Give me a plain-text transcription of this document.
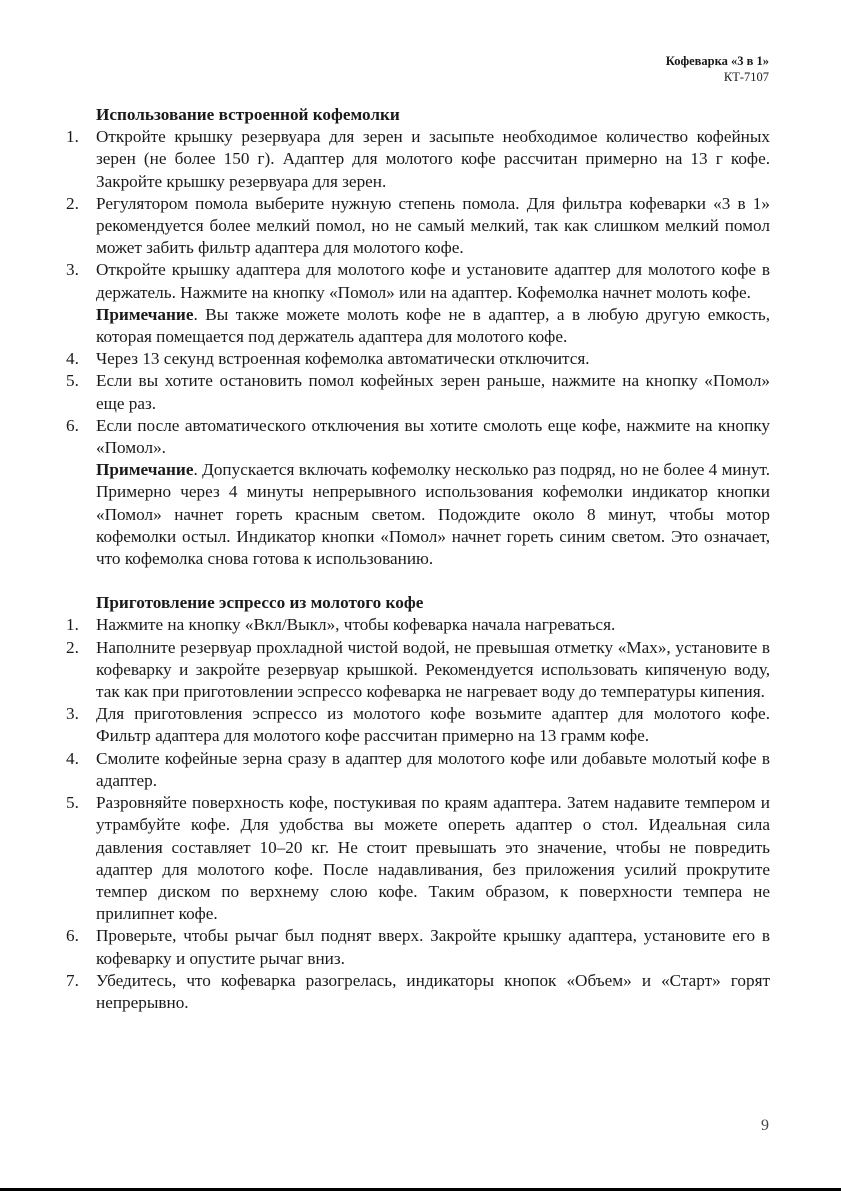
Кофеварка «3 в 1»
КТ-7107
Использование встроенной кофемолки
1. Откройте крышку резервуара для зерен и засыпьте необходимое количество кофейных зерен (не более 150 г). Адаптер для молотого кофе рассчитан примерно на 13 г кофе. Закройте крышку резервуара для зерен.
2. Регулятором помола выберите нужную степень помола. Для фильтра кофеварки «3 в 1» рекомендуется более мелкий помол, но не самый мелкий, так как слишком мелкий помол может забить фильтр адаптера для молотого кофе.
3. Откройте крышку адаптера для молотого кофе и установите адаптер для молотого кофе в держатель. Нажмите на кнопку «Помол» или на адаптер. Кофемолка начнет молоть кофе.
Примечание. Вы также можете молоть кофе не в адаптер, а в любую другую емкость, которая помещается под держатель адаптера для молотого кофе.
4. Через 13 секунд встроенная кофемолка автоматически отключится.
5. Если вы хотите остановить помол кофейных зерен раньше, нажмите на кнопку «Помол» еще раз.
6. Если после автоматического отключения вы хотите смолоть еще кофе, нажмите на кнопку «Помол».
Примечание. Допускается включать кофемолку несколько раз подряд, но не более 4 минут. Примерно через 4 минуты непрерывного использования кофемолки индикатор кнопки «Помол» начнет гореть красным светом. Подождите около 8 минут, чтобы мотор кофемолки остыл. Индикатор кнопки «Помол» начнет гореть синим светом. Это означает, что кофемолка снова готова к использованию.
Приготовление эспрессо из молотого кофе
1. Нажмите на кнопку «Вкл/Выкл», чтобы кофеварка начала нагреваться.
2. Наполните резервуар прохладной чистой водой, не превышая отметку «Max», установите в кофеварку и закройте резервуар крышкой. Рекомендуется использовать кипяченую воду, так как при приготовлении эспрессо кофеварка не нагревает воду до температуры кипения.
3. Для приготовления эспрессо из молотого кофе возьмите адаптер для молотого кофе. Фильтр адаптера для молотого кофе рассчитан примерно на 13 грамм кофе.
4. Смолите кофейные зерна сразу в адаптер для молотого кофе или добавьте молотый кофе в адаптер.
5. Разровняйте поверхность кофе, постукивая по краям адаптера. Затем надавите темпером и утрамбуйте кофе. Для удобства вы можете опереть адаптер о стол. Идеальная сила давления составляет 10–20 кг. Не стоит превышать это значение, чтобы не повредить адаптер для молотого кофе. После надавливания, без приложения усилий прокрутите темпер диском по верхнему слою кофе. Таким образом, к поверхности темпера не прилипнет кофе.
6. Проверьте, чтобы рычаг был поднят вверх. Закройте крышку адаптера, установите его в кофеварку и опустите рычаг вниз.
7. Убедитесь, что кофеварка разогрелась, индикаторы кнопок «Объем» и «Старт» горят непрерывно.
9
